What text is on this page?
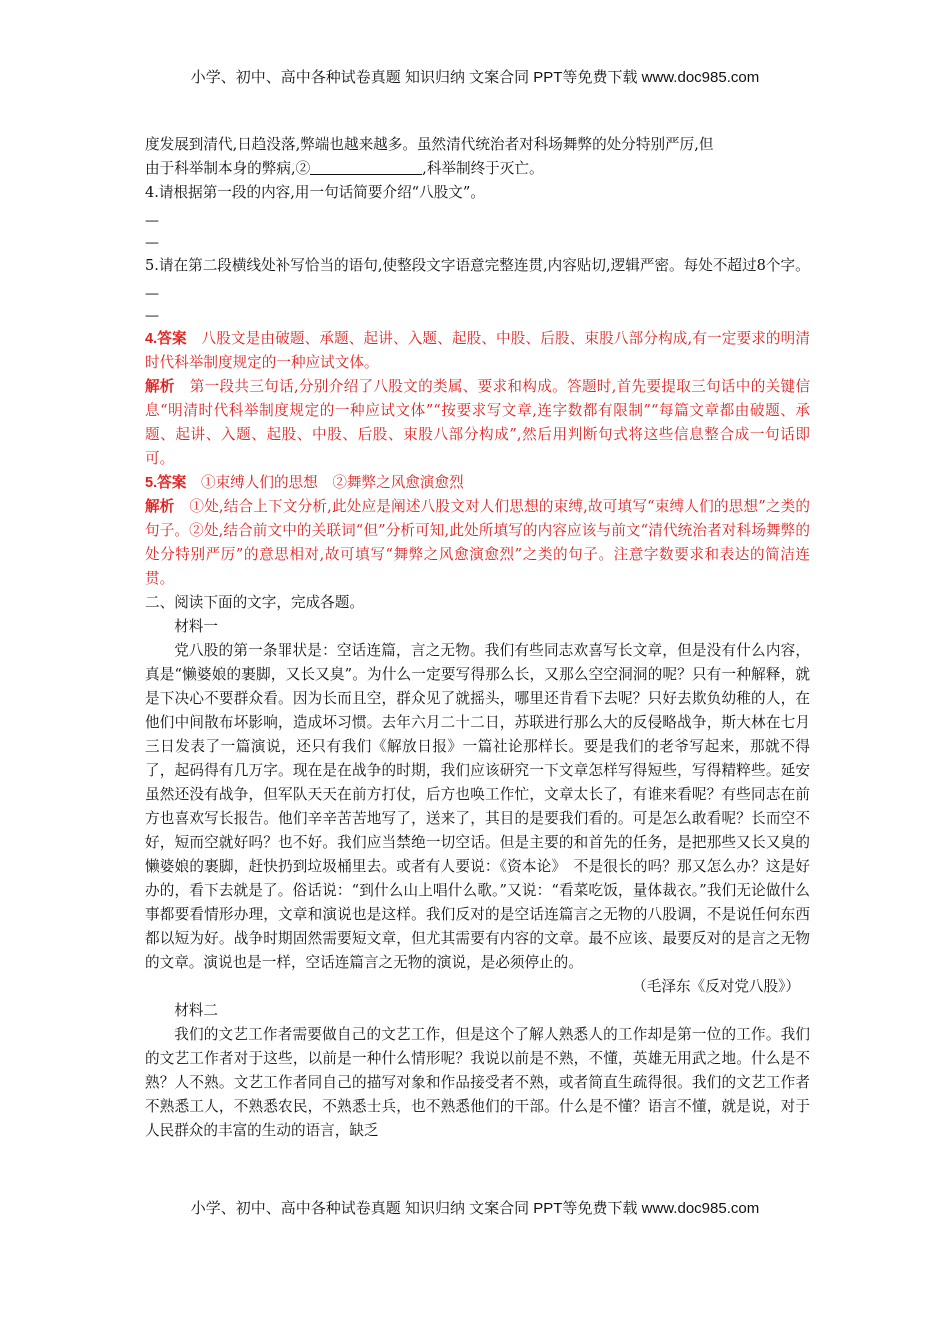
小学、初中、高中各种试卷真题 知识归纳 文案合同 PPT等免费下载 www.doc985.com

度发展到清代,日趋没落,弊端也越来越多。虽然清代统治者对科场舞弊的处分特别严厉,但

由于科举制本身的弊病,②	,科举制终于灭亡。

4.请根据第一段的内容,用一句话简要介绍“八股文”。

—

—

5.请在第二段横线处补写恰当的语句,使整段文字语意完整连贯,内容贴切,逻辑严密。每处不超过8个字。

—

—

4.答案　 八股文是由破题、承题、起讲、入题、起股、中股、后股、束股八部分构成,有一定要求的明清时代科举制度规定的一种应试文体。

解析　 第一段共三句话,分别介绍了八股文的类属、要求和构成。答题时,首先要提取三句话中的关键信息“明清时代科举制度规定的一种应试文体”“按要求写文章,连字数都有限制”“每篇文章都由破题、承题、起讲、入题、起股、中股、后股、束股八部分构成”,然后用判断句式将这些信息整合成一句话即可。

5.答案　 ①束缚人们的思想　②舞弊之风愈演愈烈

解析　 ①处,结合上下文分析,此处应是阐述八股文对人们思想的束缚,故可填写“束缚人们的思想”之类的句子。②处,结合前文中的关联词“但”分析可知,此处所填写的内容应该与前文“清代统治者对科场舞弊的处分特别严厉”的意思相对,故可填写“舞弊之风愈演愈烈”之类的句子。注意字数要求和表达的简洁连贯。

二、阅读下面的文字，完成各题。

材料一

党八股的第一条罪状是：空话连篇，言之无物。我们有些同志欢喜写长文章，但是没有什么内容，真是“懒婆娘的裹脚，又长又臭”。为什么一定要写得那么长，又那么空空洞洞的呢？只有一种解释，就是下决心不要群众看。因为长而且空，群众见了就摇头，哪里还肯看下去呢？只好去欺负幼稚的人，在他们中间散布坏影响，造成坏习惯。去年六月二十二日，苏联进行那么大的反侵略战争，斯大林在七月三日发表了一篇演说，还只有我们《解放日报》一篇社论那样长。要是我们的老爷写起来，那就不得了，起码得有几万字。现在是在战争的时期，我们应该研究一下文章怎样写得短些，写得精粹些。延安虽然还没有战争，但军队天天在前方打仗，后方也唤工作忙，文章太长了，有谁来看呢？有些同志在前方也喜欢写长报告。他们辛辛苦苦地写了，送来了，其目的是要我们看的。可是怎么敢看呢？长而空不好，短而空就好吗？也不好。我们应当禁绝一切空话。但是主要的和首先的任务，是把那些又长又臭的懒婆娘的裹脚，赶快扔到垃圾桶里去。或者有人要说：《资本论》　不是很长的吗？那又怎么办？这是好办的，看下去就是了。俗话说：“到什么山上唱什么歌。”又说：“看菜吃饭，量体裁衣。”我们无论做什么事都要看情形办理，文章和演说也是这样。我们反对的是空话连篇言之无物的八股调，不是说任何东西都以短为好。战争时期固然需要短文章，但尤其需要有内容的文章。最不应该、最要反对的是言之无物的文章。演说也是一样，空话连篇言之无物的演说，是必须停止的。

（毛泽东《反对党八股》）

材料二

我们的文艺工作者需要做自己的文艺工作，但是这个了解人熟悉人的工作却是第一位的工作。我们的文艺工作者对于这些，以前是一种什么情形呢？我说以前是不熟，不懂，英雄无用武之地。什么是不熟？人不熟。文艺工作者同自己的描写对象和作品接受者不熟，或者简直生疏得很。我们的文艺工作者不熟悉工人，不熟悉农民，不熟悉士兵，也不熟悉他们的干部。什么是不懂？语言不懂，就是说，对于人民群众的丰富的生动的语言，缺乏

小学、初中、高中各种试卷真题 知识归纳 文案合同 PPT等免费下载 www.doc985.com
